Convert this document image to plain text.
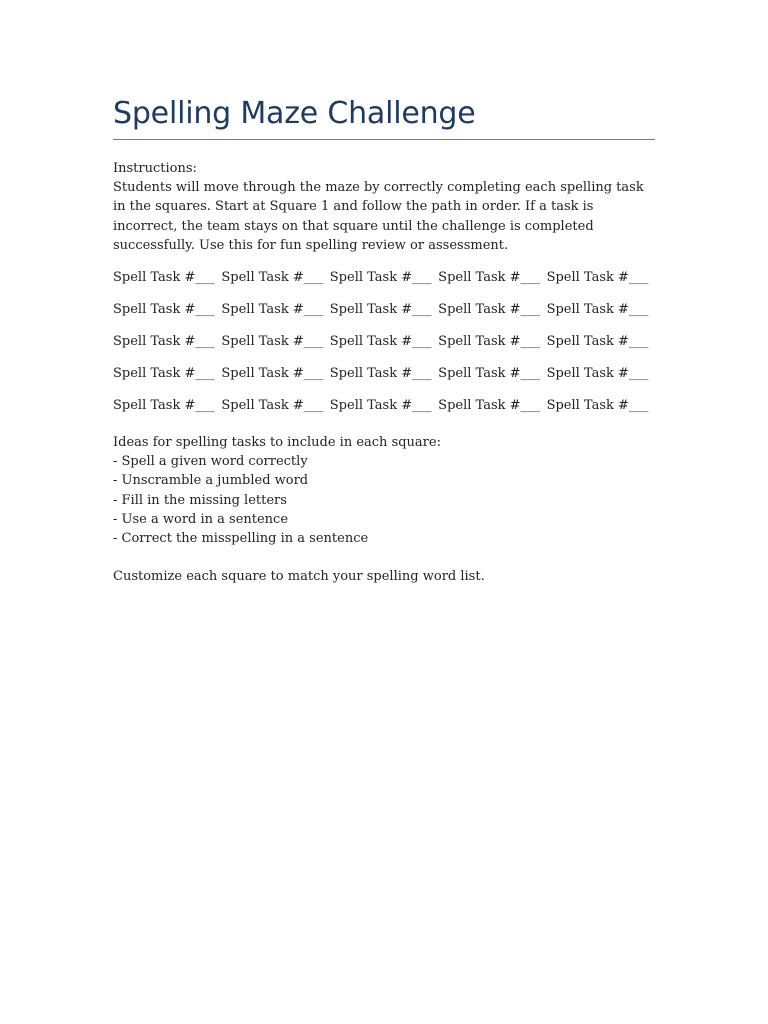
Spelling Maze Challenge

Instructions:

Students will move through the maze by correctly completing each spelling task in the squares. Start at Square 1 and follow the path in order. If a task is incorrect, the team stays on that square until the challenge is completed successfully. Use this for fun spelling review or assessment.

Spell Task #___ Spell Task #___ Spell Task #___ Spell Task #___ Spell Task #___
Spell Task #___ Spell Task #___ Spell Task #___ Spell Task #___ Spell Task #___
Spell Task #___ Spell Task #___ Spell Task #___ Spell Task #___ Spell Task #___
Spell Task #___ Spell Task #___ Spell Task #___ Spell Task #___ Spell Task #___
Spell Task #___ Spell Task #___ Spell Task #___ Spell Task #___ Spell Task #___

Ideas for spelling tasks to include in each square:

- Spell a given word correctly

- Unscramble a jumbled word

- Fill in the missing letters

- Use a word in a sentence

- Correct the misspelling in a sentence

Customize each square to match your spelling word list.
